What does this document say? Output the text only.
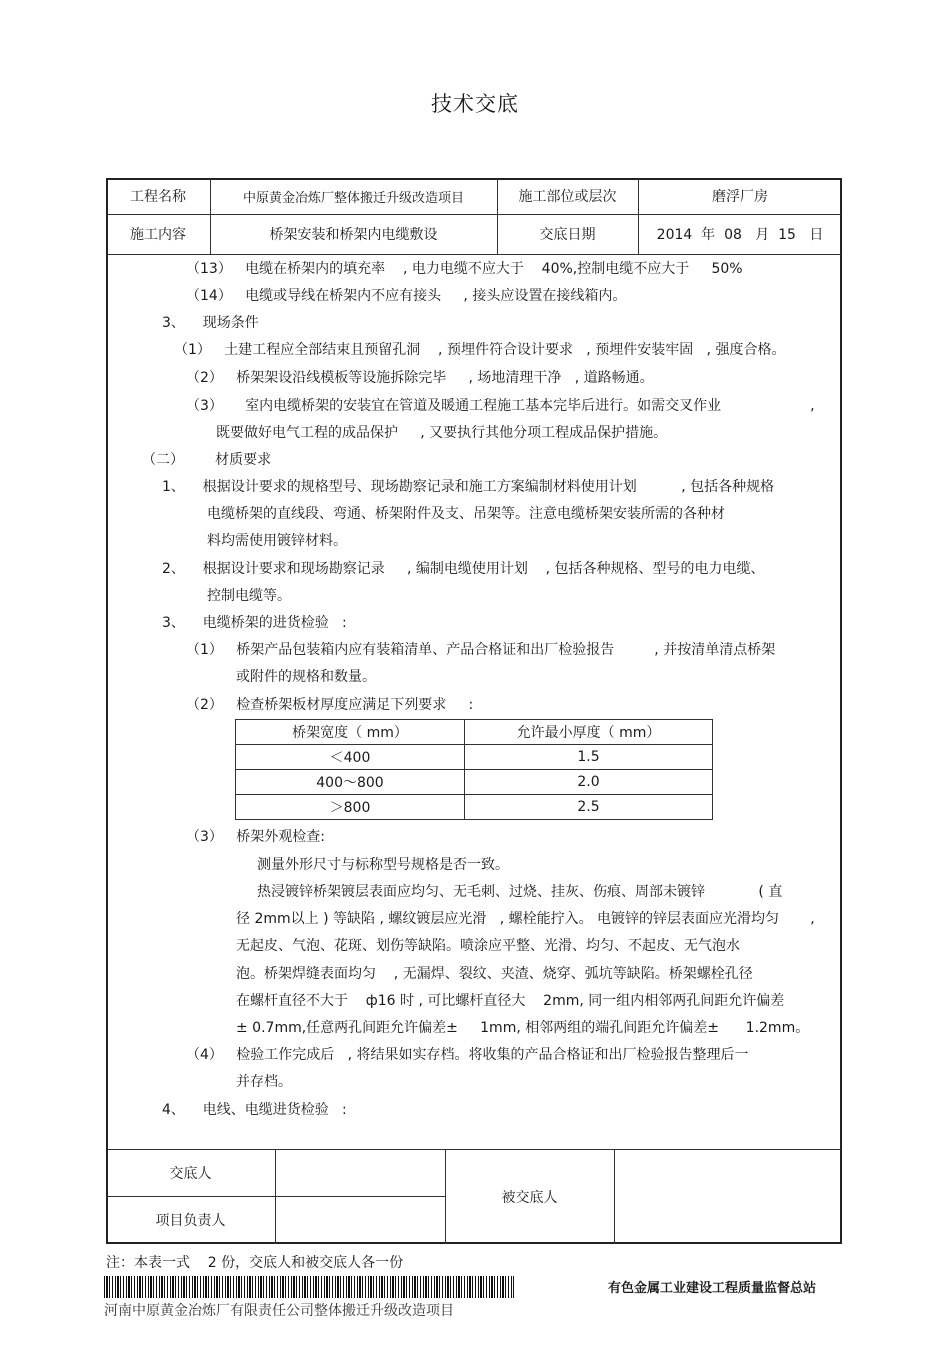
技术交底
工程名称	中原黄金冶炼厂整体搬迁升级改造项目	施工部位或层次	磨浮厂房
施工内容	桥架安装和桥架内电缆敷设	交底日期	2014  年  08   月  15   日
（13）   电缆在桥架内的填充率    , 电力电缆不应大于    40%,控制电缆不应大于     50%
（14）   电缆或导线在桥架内不应有接头     , 接头应设置在接线箱内。
3、    现场条件
（1）   土建工程应全部结束且预留孔洞    , 预埋件符合设计要求   , 预埋件安装牢固   , 强度合格。
（2）   桥架架设沿线模板等设施拆除完毕     , 场地清理干净   , 道路畅通。
（3）     室内电缆桥架的安装宜在管道及暖通工程施工基本完毕后进行。如需交叉作业                    ,
既要做好电气工程的成品保护     , 又要执行其他分项工程成品保护措施。
（二）       材质要求
1、    根据设计要求的规格型号、现场勘察记录和施工方案编制材料使用计划          , 包括各种规格
电缆桥架的直线段、弯通、桥架附件及支、吊架等。注意电缆桥架安装所需的各种材
料均需使用镀锌材料。
2、    根据设计要求和现场勘察记录     , 编制电缆使用计划    , 包括各种规格、型号的电力电缆、
控制电缆等。
3、    电缆桥架的进货检验   :
（1）   桥架产品包装箱内应有装箱清单、产品合格证和出厂检验报告         , 并按清单清点桥架
或附件的规格和数量。
（2）   检查桥架板材厚度应满足下列要求     :
桥架宽度（ mm）	允许最小厚度（ mm）
＜400	1.5
400～800	2.0
＞800	2.5
（3）   桥架外观检查:
测量外形尺寸与标称型号规格是否一致。
热浸镀锌桥架镀层表面应均匀、无毛刺、过烧、挂灰、伤痕、周部未镀锌            ( 直
径 2mm以上 ) 等缺陷 , 螺纹镀层应光滑   , 螺栓能拧入。 电镀锌的锌层表面应光滑均匀       ,
无起皮、气泡、花斑、划伤等缺陷。喷涂应平整、光滑、均匀、不起皮、无气泡水
泡。桥架焊缝表面均匀    , 无漏焊、裂纹、夹渣、烧穿、弧坑等缺陷。桥架螺栓孔径
在螺杆直径不大于    ф16 时 , 可比螺杆直径大    2mm, 同一组内相邻两孔间距允许偏差
± 0.7mm,任意两孔间距允许偏差±     1mm, 相邻两组的端孔间距允许偏差±      1.2mm。
（4）   检验工作完成后   , 将结果如实存档。将收集的产品合格证和出厂检验报告整理后一
并存档。
4、    电线、电缆进货检验   :
交底人
项目负责人
被交底人
注：本表一式    2 份，交底人和被交底人各一份
有色金属工业建设工程质量监督总站
河南中原黄金冶炼厂有限责任公司整体搬迁升级改造项目
